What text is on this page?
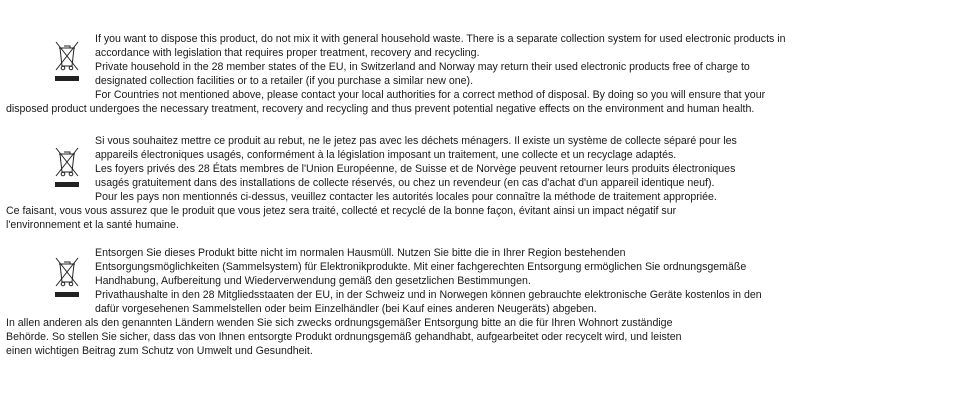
If you want to dispose this product, do not mix it with general household waste. There is a separate collection system for used electronic products in
accordance with legislation that requires proper treatment, recovery and recycling.
Private household in the 28 member states of the EU, in Switzerland and Norway may return their used electronic products free of charge to
designated collection facilities or to a retailer (if you purchase a similar new one).
For Countries not mentioned above, please contact your local authorities for a correct method of disposal. By doing so you will ensure that your
disposed product undergoes the necessary treatment, recovery and recycling and thus prevent potential negative effects on the environment and human health.
Si vous souhaitez mettre ce produit au rebut, ne le jetez pas avec les déchets ménagers. Il existe un système de collecte séparé pour les
appareils électroniques usagés, conformément à la législation imposant un traitement, une collecte et un recyclage adaptés.
Les foyers privés des 28 États membres de l'Union Européenne, de Suisse et de Norvège peuvent retourner leurs produits électroniques
usagés gratuitement dans des installations de collecte réservés, ou chez un revendeur (en cas d'achat d'un appareil identique neuf).
Pour les pays non mentionnés ci-dessus, veuillez contacter les autorités locales pour connaître la méthode de traitement appropriée.
Ce faisant, vous vous assurez que le produit que vous jetez sera traité, collecté et recyclé de la bonne façon, évitant ainsi un impact négatif sur
l'environnement et la santé humaine.
Entsorgen Sie dieses Produkt bitte nicht im normalen Hausmüll. Nutzen Sie bitte die in Ihrer Region bestehenden
Entsorgungsmöglichkeiten (Sammelsystem) für Elektronikprodukte. Mit einer fachgerechten Entsorgung ermöglichen Sie ordnungsgemäße
Handhabung, Aufbereitung und Wiederverwendung gemäß den gesetzlichen Bestimmungen.
Privathaushalte in den 28 Mitgliedsstaaten der EU, in der Schweiz und in Norwegen können gebrauchte elektronische Geräte kostenlos in den
dafür vorgesehenen Sammelstellen oder beim Einzelhändler (bei Kauf eines anderen Neugeräts) abgeben.
In allen anderen als den genannten Ländern wenden Sie sich zwecks ordnungsgemäßer Entsorgung bitte an die für Ihren Wohnort zuständige
Behörde. So stellen Sie sicher, dass das von Ihnen entsorgte Produkt ordnungsgemäß gehandhabt, aufgearbeitet oder recycelt wird, und leisten
einen wichtigen Beitrag zum Schutz von Umwelt und Gesundheit.
